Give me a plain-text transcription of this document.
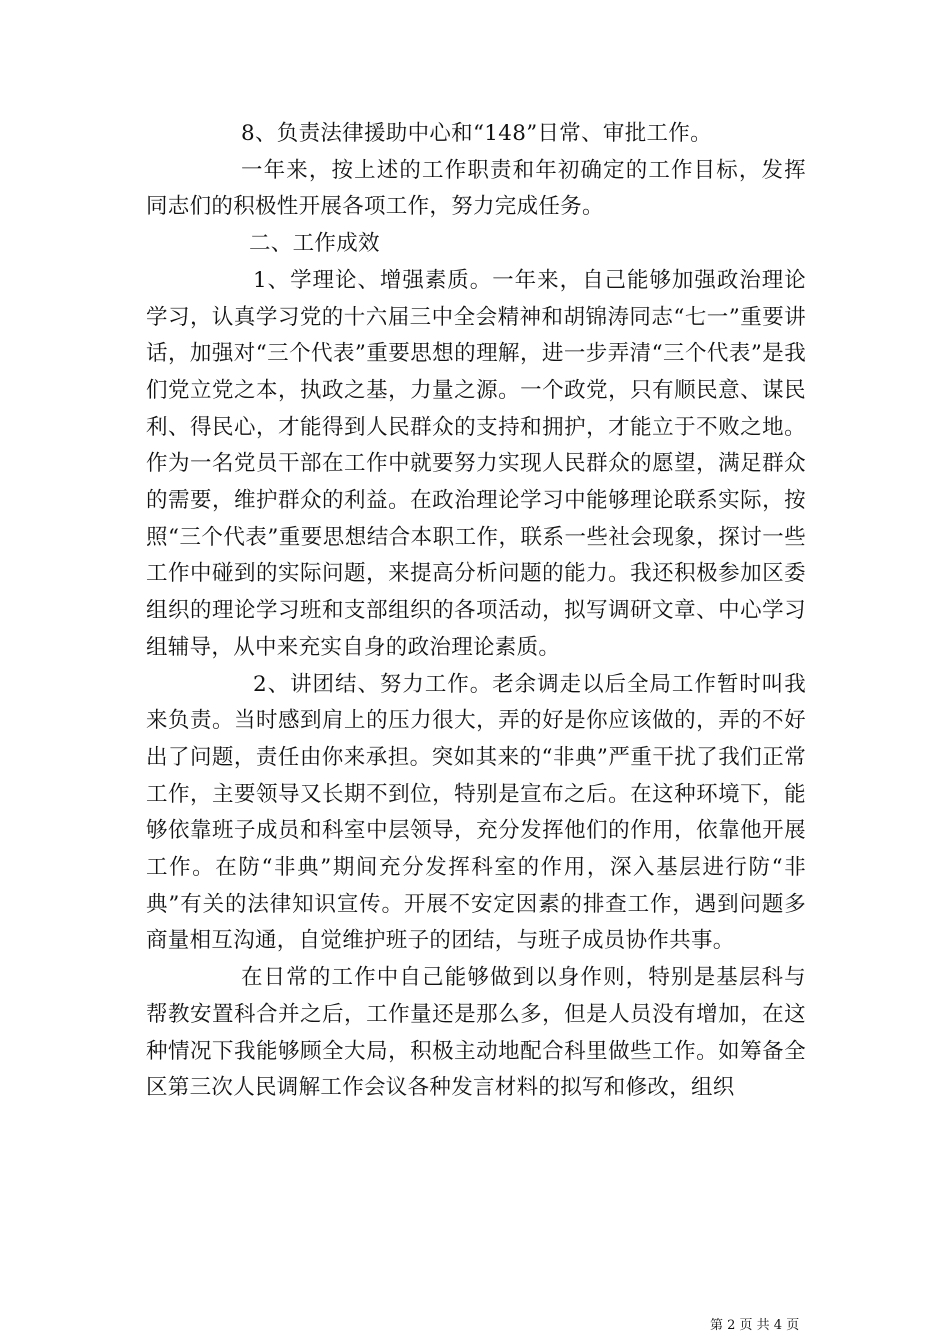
8、负责法律援助中心和“148”日常、审批工作。

一年来，按上述的工作职责和年初确定的工作目标，发挥同志们的积极性开展各项工作，努力完成任务。

二、工作成效

1、学理论、增强素质。一年来，自己能够加强政治理论学习，认真学习党的十六届三中全会精神和胡锦涛同志“七一”重要讲话，加强对“三个代表”重要思想的理解，进一步弄清“三个代表”是我们党立党之本，执政之基，力量之源。一个政党，只有顺民意、谋民利、得民心，才能得到人民群众的支持和拥护，才能立于不败之地。作为一名党员干部在工作中就要努力实现人民群众的愿望，满足群众的需要，维护群众的利益。在政治理论学习中能够理论联系实际，按照“三个代表”重要思想结合本职工作，联系一些社会现象，探讨一些工作中碰到的实际问题，来提高分析问题的能力。我还积极参加区委组织的理论学习班和支部组织的各项活动，拟写调研文章、中心学习组辅导，从中来充实自身的政治理论素质。

2、讲团结、努力工作。老余调走以后全局工作暂时叫我来负责。当时感到肩上的压力很大，弄的好是你应该做的，弄的不好出了问题，责任由你来承担。突如其来的“非典”严重干扰了我们正常工作，主要领导又长期不到位，特别是宣布之后。在这种环境下，能够依靠班子成员和科室中层领导，充分发挥他们的作用，依靠他开展工作。在防“非典”期间充分发挥科室的作用，深入基层进行防“非典”有关的法律知识宣传。开展不安定因素的排查工作，遇到问题多商量相互沟通，自觉维护班子的团结，与班子成员协作共事。

在日常的工作中自己能够做到以身作则，特别是基层科与帮教安置科合并之后，工作量还是那么多，但是人员没有增加，在这种情况下我能够顾全大局，积极主动地配合科里做些工作。如筹备全区第三次人民调解工作会议各种发言材料的拟写和修改，组织

第 2 页 共 4 页
